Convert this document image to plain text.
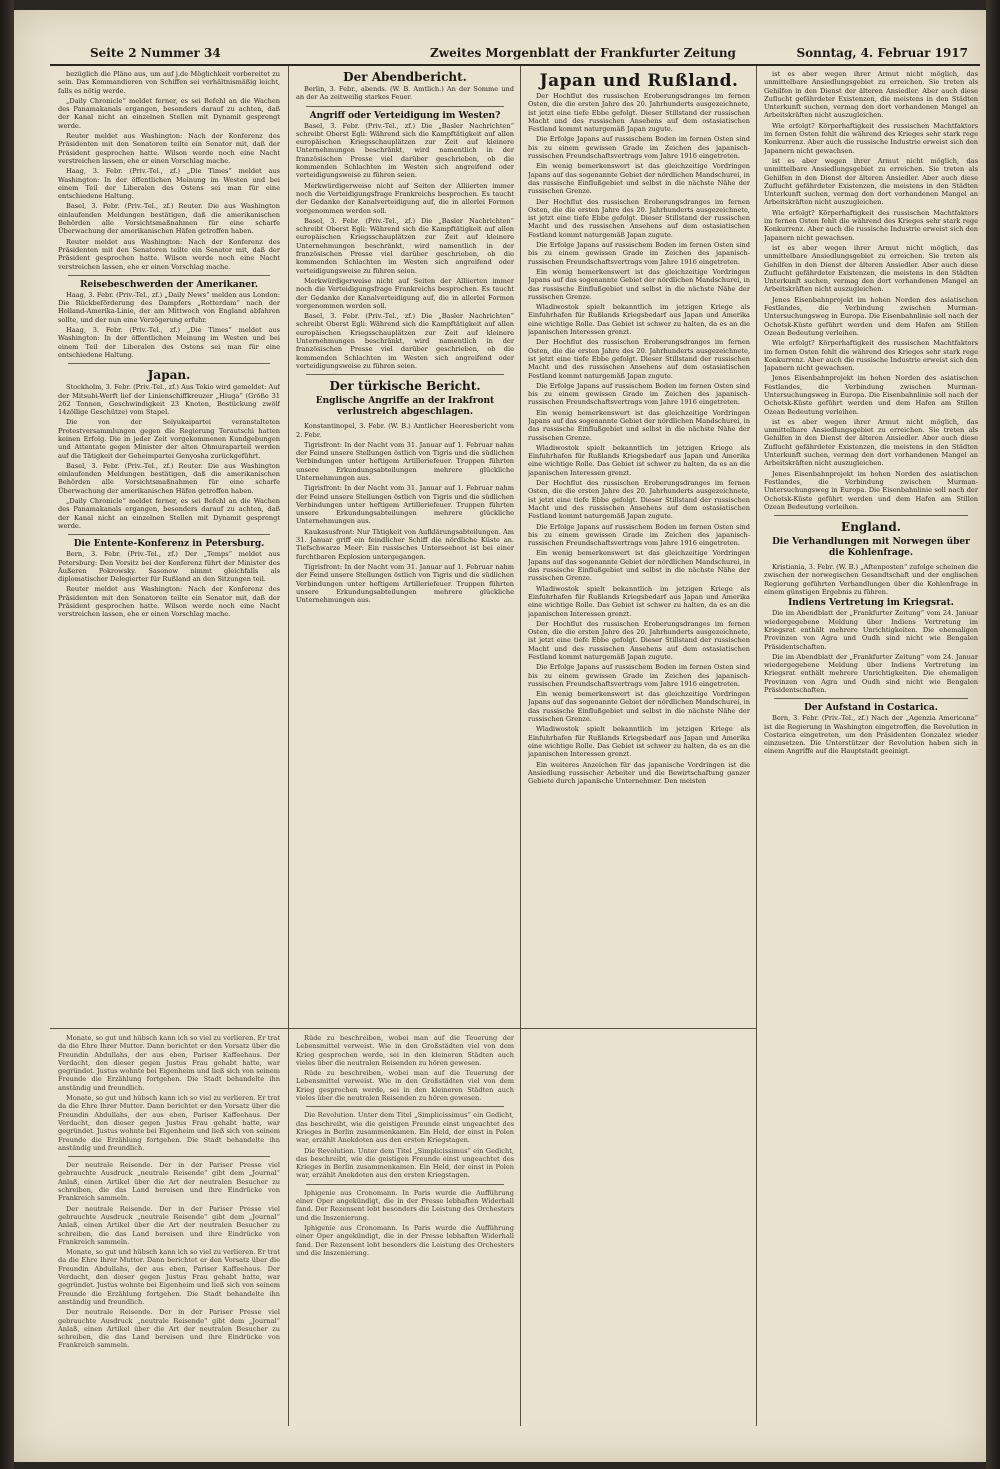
Seite 2 Nummer 34	Zweites Morgenblatt der Frankfurter Zeitung	Sonntag, 4. Februar 1917

bezüglich die Pläne aus, um auf j.de Möglichkeit vorbereitet zu sein. Das Kommandieren von Schiffen sei verhältnismäßig leicht, falls es nötig werde.

„Daily Chronicle“ meldet ferner, es sei Befehl an die Wachen des Panamakanals ergangen, besonders darauf zu achten, daß der Kanal nicht an einzelnen Stellen mit Dynamit gesprengt werde.

Reuter meldet aus Washington: Nach der Konferenz des Präsidenten mit den Senatoren teilte ein Senator mit, daß der Präsident gesprochen hatte. Wilson werde noch eine Nacht verstreichen lassen, ehe er einen Vorschlag mache.

Haag, 3. Febr. (Priv.-Tel., zf.) „Die Times“ meldet aus Washington: In der öffentlichen Meinung im Westen und bei einem Teil der Liberalen des Ostens sei man für eine entschiedene Haltung.

Basel, 3. Febr. (Priv.-Tel., zf.) Reuter. Die aus Washington einlaufenden Meldungen bestätigen, daß die amerikanischen Behörden alle Vorsichtsmaßnahmen für eine scharfe Überwachung der amerikanischen Häfen getroffen haben.

Reuter meldet aus Washington: Nach der Konferenz des Präsidenten mit den Senatoren teilte ein Senator mit, daß der Präsident gesprochen hatte. Wilson werde noch eine Nacht verstreichen lassen, ehe er einen Vorschlag mache.

Reisebeschwerden der Amerikaner.

Haag, 3. Febr. (Priv.-Tel., zf.) „Daily News“ melden aus London: Die Rückbeförderung des Dampfers „Rotterdam“ nach der Holland-Amerika-Linie, der am Mittwoch von England abfahren sollte, und der nun eine Verzögerung erfuhr.

Haag, 3. Febr. (Priv.-Tel., zf.) „Die Times“ meldet aus Washington: In der öffentlichen Meinung im Westen und bei einem Teil der Liberalen des Ostens sei man für eine entschiedene Haltung.

Japan.

Stockholm, 3. Febr. (Priv.-Tel., zf.) Aus Tokio wird gemeldet: Auf der Mitsubi-Werft lief der Linienschiffkreuzer „Hiuga“ (Größe 31 262 Tonnen, Geschwindigkeit 23 Knoten, Bestückung zwölf 14zöllige Geschütze) vom Stapel.

Die von der Seiyukaipartei veranstalteten Protestversammlungen gegen die Regierung Terautschi hatten keinen Erfolg. Die in jeder Zeit vorgekommenen Kundgebungen und Attentate gegen Minister der alten Ohmuraparteil werden auf die Tätigkeit der Geheimpartei Genyosha zurückgeführt.

Basel, 3. Febr. (Priv.-Tel., zf.) Reuter. Die aus Washington einlaufenden Meldungen bestätigen, daß die amerikanischen Behörden alle Vorsichtsmaßnahmen für eine scharfe Überwachung der amerikanischen Häfen getroffen haben.

„Daily Chronicle“ meldet ferner, es sei Befehl an die Wachen des Panamakanals ergangen, besonders darauf zu achten, daß der Kanal nicht an einzelnen Stellen mit Dynamit gesprengt werde.

Die Entente-Konferenz in Petersburg.

Bern, 3. Febr. (Priv.-Tel., zf.) Der „Temps“ meldet aus Petersburg: Den Vorsitz bei der Konferenz führt der Minister des Äußeren Pokrowsky. Sasonow nimmt gleichfalls als diplomatischer Delegierter für Rußland an den Sitzungen teil.

Reuter meldet aus Washington: Nach der Konferenz des Präsidenten mit den Senatoren teilte ein Senator mit, daß der Präsident gesprochen hatte. Wilson werde noch eine Nacht verstreichen lassen, ehe er einen Vorschlag mache.

Der Abendbericht.

Berlin, 3. Febr., abends. (W. B. Amtlich.) An der Somme und an der Aa zeitweilig starkes Feuer.

Angriff oder Verteidigung im Westen?

Basel, 3. Febr. (Priv.-Tel., zf.) Die „Basler Nachrichten“ schreibt Oberst Egli: Während sich die Kampftätigkeit auf allen europäischen Kriegsschauplätzen zur Zeit auf kleinere Unternehmungen beschränkt, wird namentlich in der französischen Presse viel darüber geschrieben, ob die kommenden Schlachten im Westen sich angreifend oder verteidigungsweise zu führen seien.

Merkwürdigerweise nicht auf Seiten der Alliierten immer noch die Verteidigungsfrage Frankreichs besprochen. Es taucht der Gedanke der Kanalverteidigung auf, die in allerlei Formen vorgenommen werden soll.

Basel, 3. Febr. (Priv.-Tel., zf.) Die „Basler Nachrichten“ schreibt Oberst Egli: Während sich die Kampftätigkeit auf allen europäischen Kriegsschauplätzen zur Zeit auf kleinere Unternehmungen beschränkt, wird namentlich in der französischen Presse viel darüber geschrieben, ob die kommenden Schlachten im Westen sich angreifend oder verteidigungsweise zu führen seien.

Merkwürdigerweise nicht auf Seiten der Alliierten immer noch die Verteidigungsfrage Frankreichs besprochen. Es taucht der Gedanke der Kanalverteidigung auf, die in allerlei Formen vorgenommen werden soll.

Basel, 3. Febr. (Priv.-Tel., zf.) Die „Basler Nachrichten“ schreibt Oberst Egli: Während sich die Kampftätigkeit auf allen europäischen Kriegsschauplätzen zur Zeit auf kleinere Unternehmungen beschränkt, wird namentlich in der französischen Presse viel darüber geschrieben, ob die kommenden Schlachten im Westen sich angreifend oder verteidigungsweise zu führen seien.

Der türkische Bericht.
Englische Angriffe an der Irakfront verlustreich abgeschlagen.

Konstantinopel, 3. Febr. (W. B.) Amtlicher Heeresbericht vom 2. Febr.

Tigrisfront: In der Nacht vom 31. Januar auf 1. Februar nahm der Feind unsere Stellungen östlich von Tigris und die südlichen Verbindungen unter heftigem Artilleriefeuer. Truppen führten unsere Erkundungsabteilungen mehrere glückliche Unternehmungen aus.

Tigrisfront: In der Nacht vom 31. Januar auf 1. Februar nahm der Feind unsere Stellungen östlich von Tigris und die südlichen Verbindungen unter heftigem Artilleriefeuer. Truppen führten unsere Erkundungsabteilungen mehrere glückliche Unternehmungen aus.

Kaukasusfront: Nur Tätigkeit von Aufklärungsabteilungen. Am 31. Januar griff ein feindlicher Schiff die nördliche Küste an. Tiefschwarze Meer: Ein russisches Unterseeboot ist bei einer furchtbaren Explosion untergegangen.

Tigrisfront: In der Nacht vom 31. Januar auf 1. Februar nahm der Feind unsere Stellungen östlich von Tigris und die südlichen Verbindungen unter heftigem Artilleriefeuer. Truppen führten unsere Erkundungsabteilungen mehrere glückliche Unternehmungen aus.

Japan und Rußland.

Der Hochflut des russischen Eroberungsdranges im fernen Osten, die die ersten Jahre des 20. Jahrhunderts ausgezeichnete, ist jetzt eine tiefe Ebbe gefolgt. Dieser Stillstand der russischen Macht und des russischen Ansehens auf dem ostasiatischen Festland kommt naturgemäß Japan zugute.

Die Erfolge Japans auf russischem Boden im fernen Osten sind bis zu einem gewissen Grade im Zeichen des japanisch-russischen Freundschaftsvertrags vom Jahre 1916 eingetreten.

Ein wenig bemerkenswert ist das gleichzeitige Vordringen Japans auf das sogenannte Gebiet der nördlichen Mandschurei, in das russische Einflußgebiet und selbst in die nächste Nähe der russischen Grenze.

Der Hochflut des russischen Eroberungsdranges im fernen Osten, die die ersten Jahre des 20. Jahrhunderts ausgezeichnete, ist jetzt eine tiefe Ebbe gefolgt. Dieser Stillstand der russischen Macht und des russischen Ansehens auf dem ostasiatischen Festland kommt naturgemäß Japan zugute.

Die Erfolge Japans auf russischem Boden im fernen Osten sind bis zu einem gewissen Grade im Zeichen des japanisch-russischen Freundschaftsvertrags vom Jahre 1916 eingetreten.

Ein wenig bemerkenswert ist das gleichzeitige Vordringen Japans auf das sogenannte Gebiet der nördlichen Mandschurei, in das russische Einflußgebiet und selbst in die nächste Nähe der russischen Grenze.

Wladiwostok spielt bekanntlich im jetzigen Kriege als Einfuhrhafen für Rußlands Kriegsbedarf aus Japan und Amerika eine wichtige Rolle. Das Gebiet ist schwer zu halten, da es an die japanischen Interessen grenzt.

Der Hochflut des russischen Eroberungsdranges im fernen Osten, die die ersten Jahre des 20. Jahrhunderts ausgezeichnete, ist jetzt eine tiefe Ebbe gefolgt. Dieser Stillstand der russischen Macht und des russischen Ansehens auf dem ostasiatischen Festland kommt naturgemäß Japan zugute.

Die Erfolge Japans auf russischem Boden im fernen Osten sind bis zu einem gewissen Grade im Zeichen des japanisch-russischen Freundschaftsvertrags vom Jahre 1916 eingetreten.

Ein wenig bemerkenswert ist das gleichzeitige Vordringen Japans auf das sogenannte Gebiet der nördlichen Mandschurei, in das russische Einflußgebiet und selbst in die nächste Nähe der russischen Grenze.

Wladiwostok spielt bekanntlich im jetzigen Kriege als Einfuhrhafen für Rußlands Kriegsbedarf aus Japan und Amerika eine wichtige Rolle. Das Gebiet ist schwer zu halten, da es an die japanischen Interessen grenzt.

Der Hochflut des russischen Eroberungsdranges im fernen Osten, die die ersten Jahre des 20. Jahrhunderts ausgezeichnete, ist jetzt eine tiefe Ebbe gefolgt. Dieser Stillstand der russischen Macht und des russischen Ansehens auf dem ostasiatischen Festland kommt naturgemäß Japan zugute.

Die Erfolge Japans auf russischem Boden im fernen Osten sind bis zu einem gewissen Grade im Zeichen des japanisch-russischen Freundschaftsvertrags vom Jahre 1916 eingetreten.

Ein wenig bemerkenswert ist das gleichzeitige Vordringen Japans auf das sogenannte Gebiet der nördlichen Mandschurei, in das russische Einflußgebiet und selbst in die nächste Nähe der russischen Grenze.

Wladiwostok spielt bekanntlich im jetzigen Kriege als Einfuhrhafen für Rußlands Kriegsbedarf aus Japan und Amerika eine wichtige Rolle. Das Gebiet ist schwer zu halten, da es an die japanischen Interessen grenzt.

Der Hochflut des russischen Eroberungsdranges im fernen Osten, die die ersten Jahre des 20. Jahrhunderts ausgezeichnete, ist jetzt eine tiefe Ebbe gefolgt. Dieser Stillstand der russischen Macht und des russischen Ansehens auf dem ostasiatischen Festland kommt naturgemäß Japan zugute.

Die Erfolge Japans auf russischem Boden im fernen Osten sind bis zu einem gewissen Grade im Zeichen des japanisch-russischen Freundschaftsvertrags vom Jahre 1916 eingetreten.

Ein wenig bemerkenswert ist das gleichzeitige Vordringen Japans auf das sogenannte Gebiet der nördlichen Mandschurei, in das russische Einflußgebiet und selbst in die nächste Nähe der russischen Grenze.

Wladiwostok spielt bekanntlich im jetzigen Kriege als Einfuhrhafen für Rußlands Kriegsbedarf aus Japan und Amerika eine wichtige Rolle. Das Gebiet ist schwer zu halten, da es an die japanischen Interessen grenzt.

Ein weiteres Anzeichen für das japanische Vordringen ist die Ansiedlung russischer Arbeiter und die Bewirtschaftung ganzer Gebiete durch japanische Unternehmer. Den meisten

ist es aber wegen ihrer Armut nicht möglich, das unmittelbare Ansiedlungsgebiet zu erreichen. Sie treten als Gehilfen in den Dienst der älteren Ansiedler. Aber auch diese Zuflucht gefährdeter Existenzen, die meistens in den Städten Unterkunft suchen, vermag den dort vorhandenen Mangel an Arbeitskräften nicht auszugleichen.

Wie erfolgt? Körperhaftigkeit des russischen Machtfaktors im fernen Osten fehlt die während des Krieges sehr stark rege Konkurrenz. Aber auch die russische Industrie erweist sich den Japanern nicht gewachsen.

ist es aber wegen ihrer Armut nicht möglich, das unmittelbare Ansiedlungsgebiet zu erreichen. Sie treten als Gehilfen in den Dienst der älteren Ansiedler. Aber auch diese Zuflucht gefährdeter Existenzen, die meistens in den Städten Unterkunft suchen, vermag den dort vorhandenen Mangel an Arbeitskräften nicht auszugleichen.

Wie erfolgt? Körperhaftigkeit des russischen Machtfaktors im fernen Osten fehlt die während des Krieges sehr stark rege Konkurrenz. Aber auch die russische Industrie erweist sich den Japanern nicht gewachsen.

ist es aber wegen ihrer Armut nicht möglich, das unmittelbare Ansiedlungsgebiet zu erreichen. Sie treten als Gehilfen in den Dienst der älteren Ansiedler. Aber auch diese Zuflucht gefährdeter Existenzen, die meistens in den Städten Unterkunft suchen, vermag den dort vorhandenen Mangel an Arbeitskräften nicht auszugleichen.

Jenes Eisenbahnprojekt im hohen Norden des asiatischen Festlandes, die Verbindung zwischen Murman-Untersuchungsweg in Europa. Die Eisenbahnlinie soll nach der Ochotsk-Küste geführt werden und dem Hafen am Stillen Ozean Bedeutung verleihen.

Wie erfolgt? Körperhaftigkeit des russischen Machtfaktors im fernen Osten fehlt die während des Krieges sehr stark rege Konkurrenz. Aber auch die russische Industrie erweist sich den Japanern nicht gewachsen.

Jenes Eisenbahnprojekt im hohen Norden des asiatischen Festlandes, die Verbindung zwischen Murman-Untersuchungsweg in Europa. Die Eisenbahnlinie soll nach der Ochotsk-Küste geführt werden und dem Hafen am Stillen Ozean Bedeutung verleihen.

ist es aber wegen ihrer Armut nicht möglich, das unmittelbare Ansiedlungsgebiet zu erreichen. Sie treten als Gehilfen in den Dienst der älteren Ansiedler. Aber auch diese Zuflucht gefährdeter Existenzen, die meistens in den Städten Unterkunft suchen, vermag den dort vorhandenen Mangel an Arbeitskräften nicht auszugleichen.

Jenes Eisenbahnprojekt im hohen Norden des asiatischen Festlandes, die Verbindung zwischen Murman-Untersuchungsweg in Europa. Die Eisenbahnlinie soll nach der Ochotsk-Küste geführt werden und dem Hafen am Stillen Ozean Bedeutung verleihen.

England.
Die Verhandlungen mit Norwegen über die Kohlenfrage.

Kristiania, 3. Febr. (W. B.) „Aftenposten“ zufolge scheinen die zwischen der norwegischen Gesandtschaft und der englischen Regierung geführten Verhandlungen über die Kohlenfrage in einem günstigen Ergebnis zu führen.

Indiens Vertretung im Kriegsrat.

Die im Abendblatt der „Frankfurter Zeitung“ vom 24. Januar wiedergegebene Meldung über Indiens Vertretung im Kriegsrat enthält mehrere Unrichtigkeiten. Die ehemaligen Provinzen von Agra und Oudh sind nicht wie Bengalen Präsidentschaften.

Die im Abendblatt der „Frankfurter Zeitung“ vom 24. Januar wiedergegebene Meldung über Indiens Vertretung im Kriegsrat enthält mehrere Unrichtigkeiten. Die ehemaligen Provinzen von Agra und Oudh sind nicht wie Bengalen Präsidentschaften.

Der Aufstand in Costarica.

Bern, 3. Febr. (Priv.-Tel., zf.) Nach der „Agenzia Americana“ ist die Regierung in Washington eingetroffen, die Revolution in Costarica eingetreten, um den Präsidenten Gonzalez wieder einzusetzen. Die Unterstützer der Revolution haben sich in einem Angriffe auf die Hauptstadt geeinigt.

Monate, so gut und hübsch kann ich so viel zu verlieren. Er trat da die Ehre Ihrer Mutter. Dann berichtet er den Vorsatz über die Freundin Abdullahs, der aus eben, Pariser Kaffeehaus. Der Verdacht, den dieser gegen Justus Frau gehabt hatte, war gegründet. Justus wohnte bei Eigenheim und ließ sich von seinem Freunde die Erzählung fortgehen. Die Stadt behandelte ihn anständig und freundlich.

Monate, so gut und hübsch kann ich so viel zu verlieren. Er trat da die Ehre Ihrer Mutter. Dann berichtet er den Vorsatz über die Freundin Abdullahs, der aus eben, Pariser Kaffeehaus. Der Verdacht, den dieser gegen Justus Frau gehabt hatte, war gegründet. Justus wohnte bei Eigenheim und ließ sich von seinem Freunde die Erzählung fortgehen. Die Stadt behandelte ihn anständig und freundlich.

Der neutrale Reisende. Der in der Pariser Presse viel gebrauchte Ausdruck „neutrale Reisende“ gibt dem „Journal“ Anlaß, einen Artikel über die Art der neutralen Besucher zu schreiben, die das Land bereisen und ihre Eindrücke von Frankreich sammeln.

Der neutrale Reisende. Der in der Pariser Presse viel gebrauchte Ausdruck „neutrale Reisende“ gibt dem „Journal“ Anlaß, einen Artikel über die Art der neutralen Besucher zu schreiben, die das Land bereisen und ihre Eindrücke von Frankreich sammeln.

Monate, so gut und hübsch kann ich so viel zu verlieren. Er trat da die Ehre Ihrer Mutter. Dann berichtet er den Vorsatz über die Freundin Abdullahs, der aus eben, Pariser Kaffeehaus. Der Verdacht, den dieser gegen Justus Frau gehabt hatte, war gegründet. Justus wohnte bei Eigenheim und ließ sich von seinem Freunde die Erzählung fortgehen. Die Stadt behandelte ihn anständig und freundlich.

Der neutrale Reisende. Der in der Pariser Presse viel gebrauchte Ausdruck „neutrale Reisende“ gibt dem „Journal“ Anlaß, einen Artikel über die Art der neutralen Besucher zu schreiben, die das Land bereisen und ihre Eindrücke von Frankreich sammeln.

Rüde zu beschreiben, wobei man auf die Teuerung der Lebensmittel verweist. Wie in den Großstädten viel von dem Krieg gesprochen werde, sei in den kleineren Städten auch vieles über die neutralen Reisenden zu hören gewesen.

Rüde zu beschreiben, wobei man auf die Teuerung der Lebensmittel verweist. Wie in den Großstädten viel von dem Krieg gesprochen werde, sei in den kleineren Städten auch vieles über die neutralen Reisenden zu hören gewesen.

Die Revolution. Unter dem Titel „Simplicissimus“ ein Gedicht, das beschreibt, wie die geistigen Freunde einst ungeachtet des Krieges in Berlin zusammenkamen. Ein Held, der einst in Polen war, erzählt Anekdoten aus den ersten Kriegstagen.

Die Revolution. Unter dem Titel „Simplicissimus“ ein Gedicht, das beschreibt, wie die geistigen Freunde einst ungeachtet des Krieges in Berlin zusammenkamen. Ein Held, der einst in Polen war, erzählt Anekdoten aus den ersten Kriegstagen.

Iphigenie aus Cronomann. In Paris wurde die Aufführung einer Oper angekündigt, die in der Presse lebhaften Widerhall fand. Der Rezensent lobt besonders die Leistung des Orchesters und die Inszenierung.

Iphigenie aus Cronomann. In Paris wurde die Aufführung einer Oper angekündigt, die in der Presse lebhaften Widerhall fand. Der Rezensent lobt besonders die Leistung des Orchesters und die Inszenierung.
